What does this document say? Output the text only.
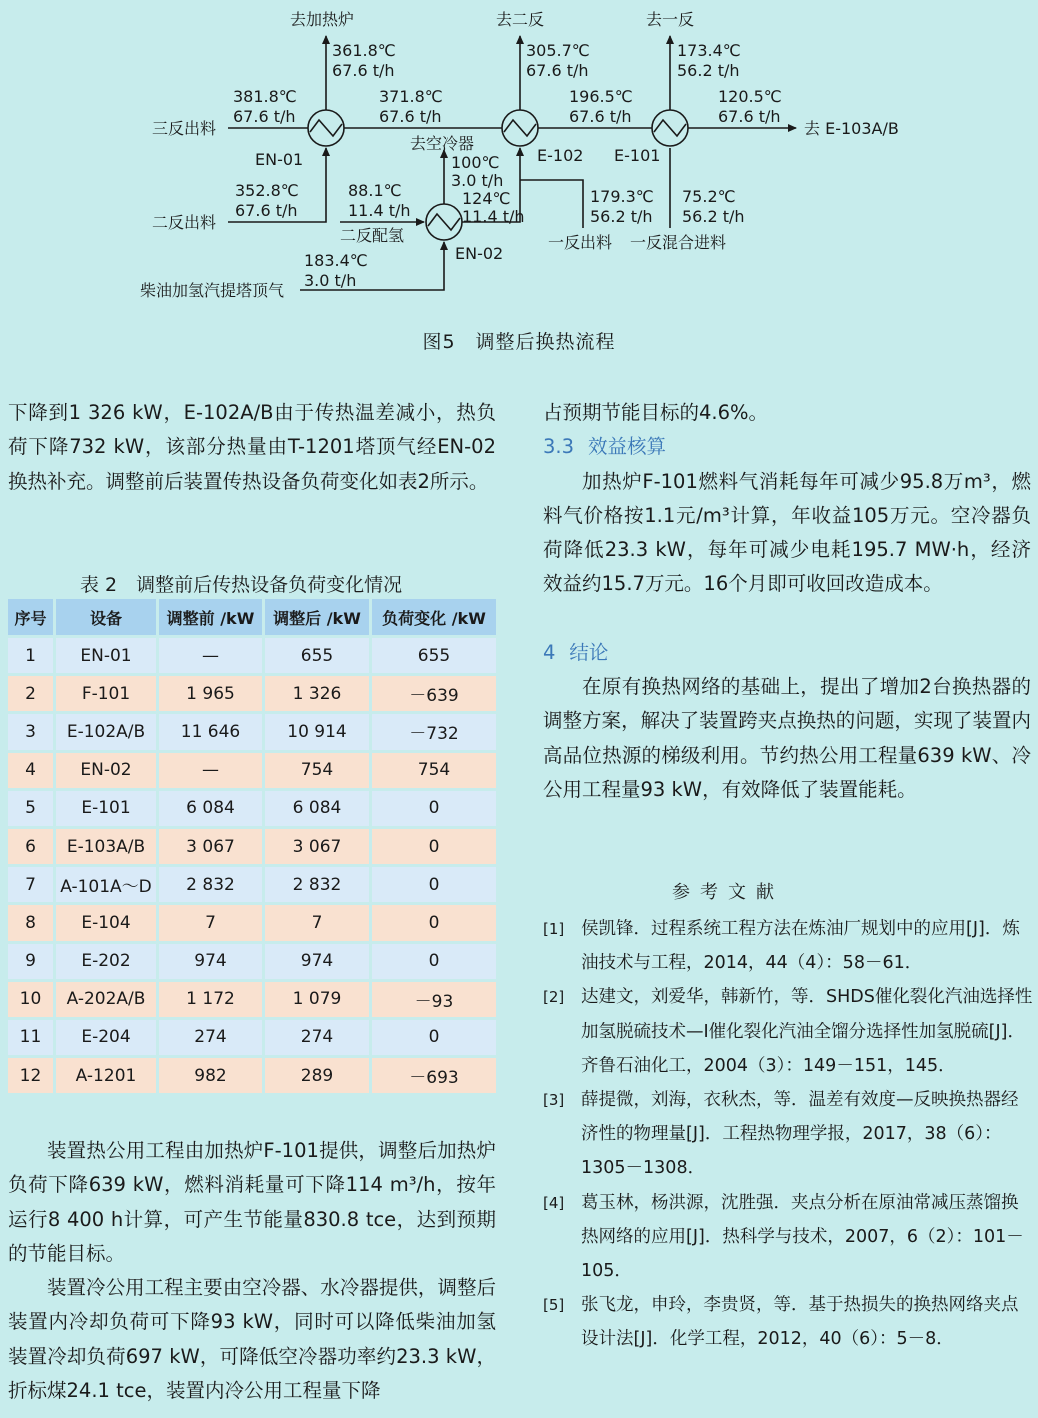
去加热炉	去二反	去一反
去 E-103A/B
三反出料
二反出料
二反配氢
柴油加氢汽提塔顶气
去空冷器
一反出料 一反混合进料
EN-01
EN-02
E-102 E-101
361.8℃
67.6 t/h
381.8℃
67.6 t/h
371.8℃
67.6 t/h
305.7℃
67.6 t/h
196.5℃
67.6 t/h
173.4℃
56.2 t/h
120.5℃
67.6 t/h
352.8℃
67.6 t/h
88.1℃
11.4 t/h
100℃
3.0 t/h
124℃
11.4 t/h
179.3℃
56.2 t/h
75.2℃
56.2 t/h
183.4℃
3.0 t/h
图5　调整后换热流程

下降到1 326 kW，E-102A/B由于传热温差减小，热负荷下降732 kW，该部分热量由T-1201塔顶气经EN-02换热补充。调整前后装置传热设备负荷变化如表2所示。

表 2　调整前后传热设备负荷变化情况
序号	设备	调整前 /kW	调整后 /kW	负荷变化 /kW
1	EN-01	—	655	655
2	F-101	1 965	1 326	－639
3	E-102A/B	11 646	10 914	－732
4	EN-02	—	754	754
5	E-101	6 084	6 084	0
6	E-103A/B	3 067	3 067	0
7	A-101A～D	2 832	2 832	0
8	E-104	7	7	0
9	E-202	974	974	0
10	A-202A/B	1 172	1 079	－93
11	E-204	274	274	0
12	A-1201	982	289	－693

装置热公用工程由加热炉F-101提供，调整后加热炉负荷下降639 kW，燃料消耗量可下降114 m³/h，按年运行8 400 h计算，可产生节能量830.8 tce，达到预期的节能目标。

装置冷公用工程主要由空冷器、水冷器提供，调整后装置内冷却负荷可下降93 kW，同时可以降低柴油加氢装置冷却负荷697 kW，可降低空冷器功率约23.3 kW，折标煤24.1 tce，装置内冷公用工程量下降

占预期节能目标的4.6%。

3.3 效益核算

加热炉F-101燃料气消耗每年可减少95.8万m³，燃料气价格按1.1元/m³计算，年收益105万元。空冷器负荷降低23.3 kW，每年可减少电耗195.7 MW·h，经济效益约15.7万元。16个月即可收回改造成本。

4 结论

在原有换热网络的基础上，提出了增加2台换热器的调整方案，解决了装置跨夹点换热的问题，实现了装置内高品位热源的梯级利用。节约热公用工程量639 kW、冷公用工程量93 kW，有效降低了装置能耗。

参考文献
[1] 侯凯锋．过程系统工程方法在炼油厂规划中的应用[J]．炼油技术与工程，2014，44（4）：58－61．
[2] 达建文，刘爱华，韩新竹，等．SHDS催化裂化汽油选择性加氢脱硫技术—Ⅰ催化裂化汽油全馏分选择性加氢脱硫[J]．齐鲁石油化工，2004（3）：149－151，145．
[3] 薛提微，刘海，衣秋杰，等．温差有效度—反映换热器经济性的物理量[J]．工程热物理学报，2017，38（6）：1305－1308．
[4] 葛玉林，杨洪源，沈胜强．夹点分析在原油常减压蒸馏换热网络的应用[J]．热科学与技术，2007，6（2）：101－105．
[5] 张飞龙，申玲，李贵贤，等．基于热损失的换热网络夹点设计法[J]．化学工程，2012，40（6）：5－8．
